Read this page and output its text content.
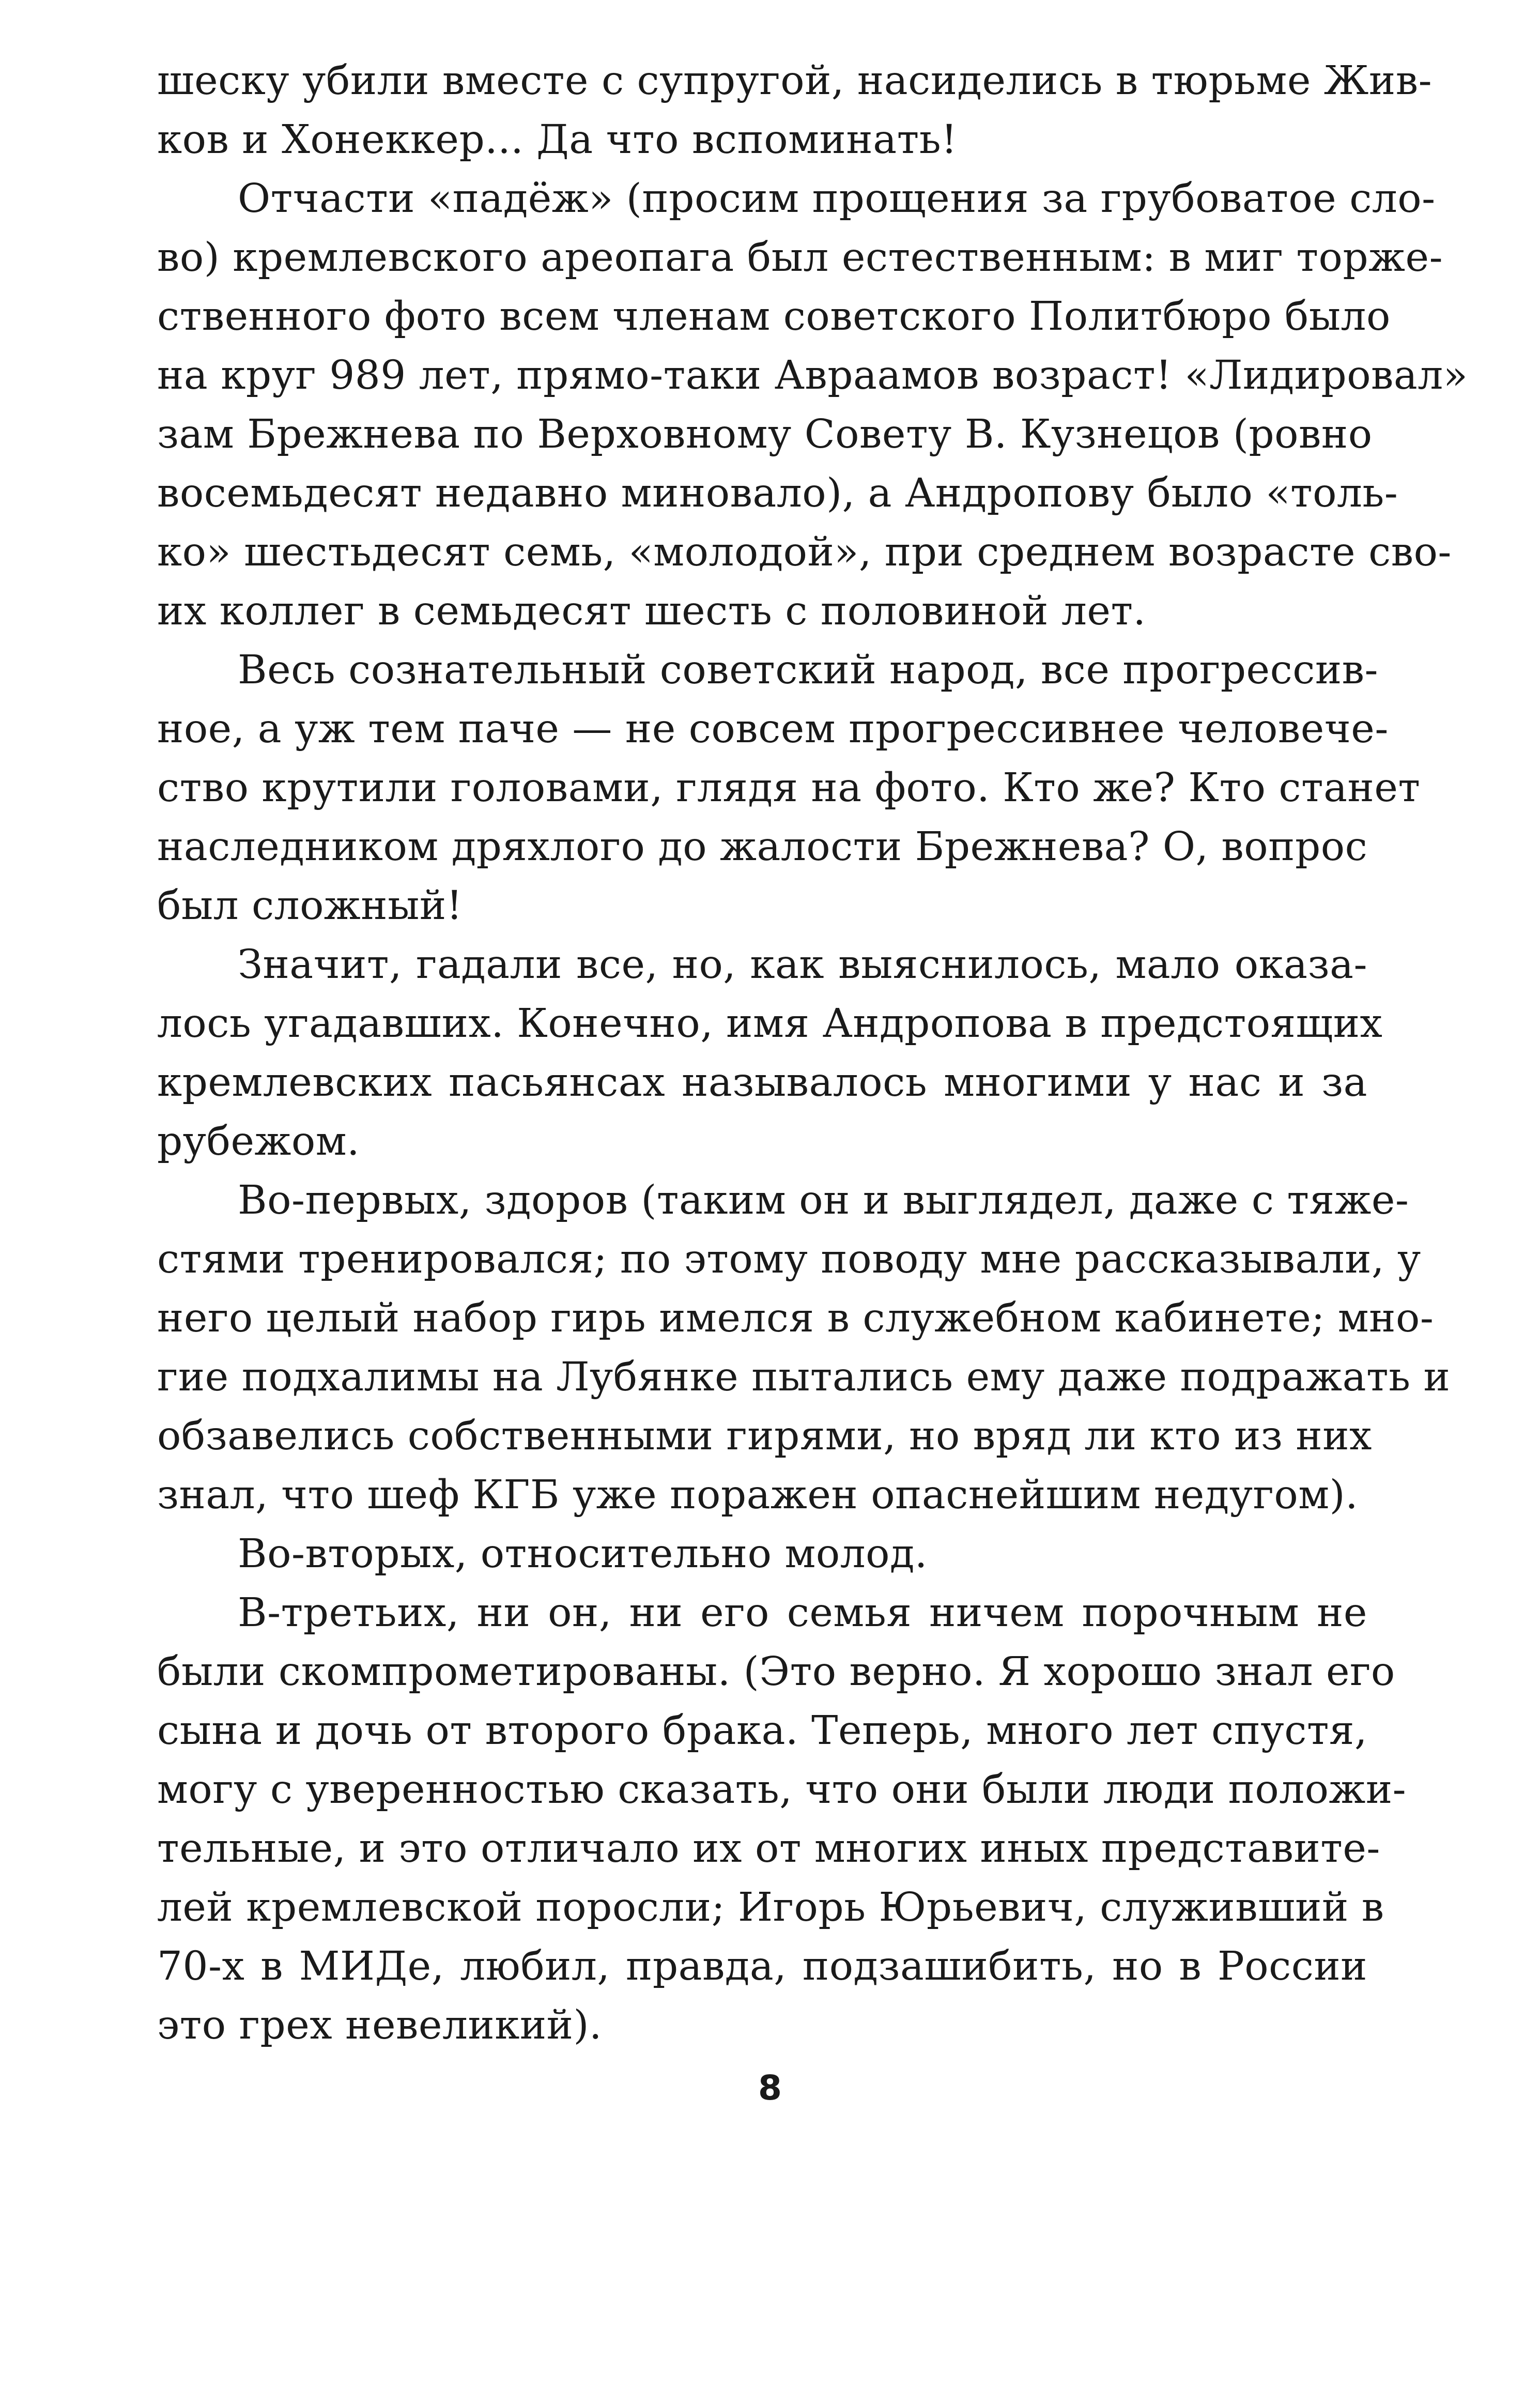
шеску убили вместе с супругой, насиделись в тюрьме Жив-
ков и Хонеккер... Да что вспоминать!
Отчасти «падёж» (просим прощения за грубоватое сло-
во) кремлевского ареопага был естественным: в миг торже-
ственного фото всем членам советского Политбюро было
на круг 989 лет, прямо-таки Авраамов возраст! «Лидировал»
зам Брежнева по Верховному Совету В. Кузнецов (ровно
восемьдесят недавно миновало), а Андропову было «толь-
ко» шестьдесят семь, «молодой», при среднем возрасте сво-
их коллег в семьдесят шесть с половиной лет.
Весь сознательный советский народ, все прогрессив-
ное, а уж тем паче — не совсем прогрессивнее человече-
ство крутили головами, глядя на фото. Кто же? Кто станет
наследником дряхлого до жалости Брежнева? О, вопрос
был сложный!
Значит, гадали все, но, как выяснилось, мало оказа-
лось угадавших. Конечно, имя Андропова в предстоящих
кремлевских пасьянсах называлось многими у нас и за
рубежом.
Во-первых, здоров (таким он и выглядел, даже с тяже-
стями тренировался; по этому поводу мне рассказывали, у
него целый набор гирь имелся в служебном кабинете; мно-
гие подхалимы на Лубянке пытались ему даже подражать и
обзавелись собственными гирями, но вряд ли кто из них
знал, что шеф КГБ уже поражен опаснейшим недугом).
Во-вторых, относительно молод.
В-третьих, ни он, ни его семья ничем порочным не
были скомпрометированы. (Это верно. Я хорошо знал его
сына и дочь от второго брака. Теперь, много лет спустя,
могу с уверенностью сказать, что они были люди положи-
тельные, и это отличало их от многих иных представите-
лей кремлевской поросли; Игорь Юрьевич, служивший в
70-х в МИДе, любил, правда, подзашибить, но в России
это грех невеликий).
8
